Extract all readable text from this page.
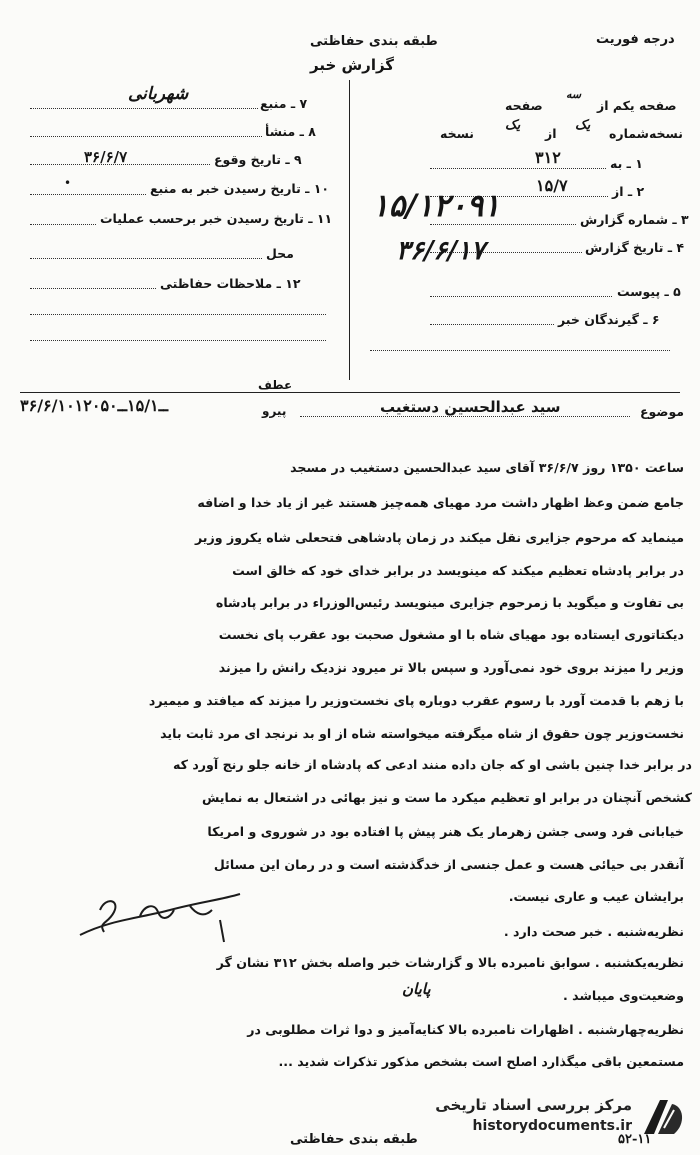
طبقه بندی حفاظتی
گزارش خبر
درجه فوریت
صفحه یکم از
سه
صفحه
نسخه‌شماره
یک
از
یک
نسخه
۷ ـ منبع
شهربانی
۸ ـ منشأ
۹ ـ تاریخ وقوع
۳۶/۶/۷
۱۰ ـ تاریخ رسیدن خبر به منبع
•
۱۱ ـ تاریخ رسیدن خبر برحسب عملیات
محل
۱۲ ـ ملاحظات حفاظتی
۱ ـ به
۳۱۲
۲ ـ از
۱۵/۷
۳ ـ شماره گزارش
۱۵/۱۲۰۹۱
۴ ـ تاریخ گزارش
۳۶/۶/۱۷
۵ ـ پیوست
۶ ـ گیرندگان خبر
عطف
پیرو
۳۶/۶/۱۰ــ۱۵/۱ــ۱۲۰۵۰	موضوع
سید عبدالحسین دستغیب
ساعت ۱۳۵۰ روز ۳۶/۶/۷ آقای سید عبدالحسین دستغیب در مسجد
جامع ضمن وعظ اظهار داشت مرد مهیای همه‌چیز هستند غیر از یاد خدا و اضافه
مینماید که مرحوم جزایری نقل میکند در زمان پادشاهی فتحعلی شاه یکروز وزیر
در برابر پادشاه تعظیم میکند که مینویسد در برابر خدای خود که خالق است
بی تفاوت و میگوید با زمرحوم جزایری مینویسد رئیس‌الوزراء در برابر پادشاه
دیکتاتوری ایستاده بود مهیای شاه با او مشغول صحبت بود عقرب پای نخست
وزیر را میزند بروی خود نمی‌آورد و سپس بالا تر میرود نزدیک رانش را میزند
با زهم با قدمت آورد با رسوم عقرب دوباره پای نخست‌وزیر را میزند که میافتد و میمیرد
نخست‌وزیر چون حقوق از شاه میگرفته میخواسته شاه از او بد نرنجد ای مرد ثابت باید
در برابر خدا چنین باشی او که جان داده منند ادعی که پادشاه از خانه جلو رنج آورد که
کشخص آنچنان در برابر او تعظیم میکرد ما ست و نیز بهائی در اشتعال به نمایش
خیابانی فرد وسی جشن زهرمار یک هنر پیش پا افتاده بود در شوروی و امریکا
آنقدر بی حیائی هست و عمل جنسی از خدگذشته است و در رمان این مسائل
برایشان عیب و عاری نیست.
نظریه‌شنبه . خبر صحت دارد .
نظریه‌یکشنبه . سوابق نامبرده بالا و گزارشات خبر واصله بخش ۳۱۲ نشان گر
وضعیت‌وی میباشد .
پایان
نظریه‌چهارشنبه . اظهارات نامبرده بالا کنایه‌آمیز و دوا ثرات مطلوبی در
مستمعین باقی میگذارد اصلح است بشخص مذکور تذکرات شدید ...
مرکز بررسی اسناد تاریخی
historydocuments.ir
طبقه بندی حفاظتی	۵۲-۱۱
